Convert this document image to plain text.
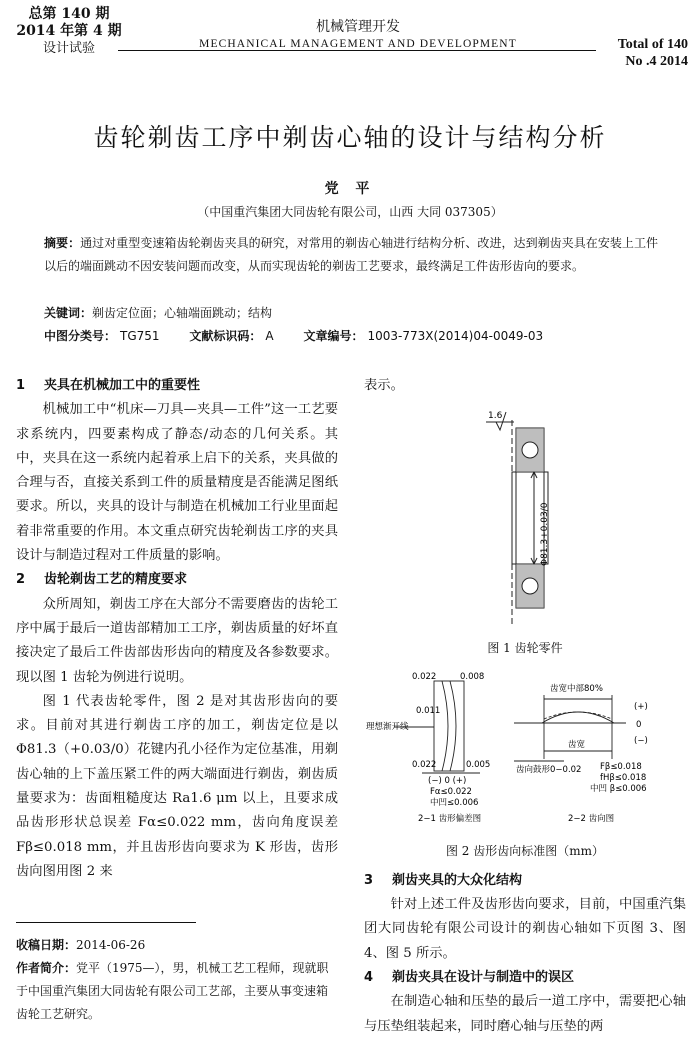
总第 140 期
2014 年第 4 期
设计试验
机械管理开发
MECHANICAL MANAGEMENT AND DEVELOPMENT	Total of 140
No .4 2014
齿轮剃齿工序中剃齿心轴的设计与结构分析
党 平
（中国重汽集团大同齿轮有限公司，山西 大同 037305）
摘要：通过对重型变速箱齿轮剃齿夹具的研究，对常用的剃齿心轴进行结构分析、改进，达到剃齿夹具在安装上工件以后的端面跳动不因安装问题而改变，从而实现齿轮的剃齿工艺要求，最终满足工件齿形齿向的要求。
关键词：剃齿定位面；心轴端面跳动；结构
中图分类号： TG751 文献标识码： A 文章编号： 1003-773X(2014)04-0049-03
1 夹具在机械加工中的重要性

机械加工中“机床—刀具—夹具—工件”这一工艺要求系统内，四要素构成了静态/动态的几何关系。其中，夹具在这一系统内起着承上启下的关系，夹具做的合理与否，直接关系到工件的质量精度是否能满足图纸要求。所以，夹具的设计与制造在机械加工行业里面起着非常重要的作用。本文重点研究齿轮剃齿工序的夹具设计与制造过程对工件质量的影响。

2 齿轮剃齿工艺的精度要求

众所周知，剃齿工序在大部分不需要磨齿的齿轮工序中属于最后一道齿部精加工工序，剃齿质量的好坏直接决定了最后工件齿部齿形齿向的精度及各参数要求。现以图 1 齿轮为例进行说明。

图 1 代表齿轮零件，图 2 是对其齿形齿向的要求。目前对其进行剃齿工序的加工，剃齿定位是以 Φ81.3（+0.03/0）花键内孔小径作为定位基准，用剃齿心轴的上下盖压紧工件的两大端面进行剃齿，剃齿质量要求为：齿面粗糙度达 Ra1.6 μm 以上，且要求成品齿形形状总误差 Fα≤0.022 mm，齿向角度误差 Fβ≤0.018 mm，并且齿形齿向要求为 K 形齿，齿形齿向图用图 2 来

表示。
1.6
Φ81.3+0.03/0
图 1 齿轮零件
0.022	0.008
0.011
理想渐开线
0.022	0.005
(−) 0 (+)
Fα≤0.022
中凹≤0.006
2−1 齿形偏差图
齿宽中部80%
(+)
0
(−)
齿宽
齿向鼓形0−0.02 Fβ≤0.018
fHβ≤0.018
中凹 β≤0.006
2−2 齿向图
图 2 齿形齿向标准图（mm）
3 剃齿夹具的大众化结构

针对上述工件及齿形齿向要求，目前，中国重汽集团大同齿轮有限公司设计的剃齿心轴如下页图 3、图 4、图 5 所示。

4 剃齿夹具在设计与制造中的误区

在制造心轴和压垫的最后一道工序中，需要把心轴与压垫组装起来，同时磨心轴与压垫的两

收稿日期：2014-06-26
作者简介：党平（1975—），男，机械工艺工程师，现就职于中国重汽集团大同齿轮有限公司工艺部，主要从事变速箱齿轮工艺研究。
